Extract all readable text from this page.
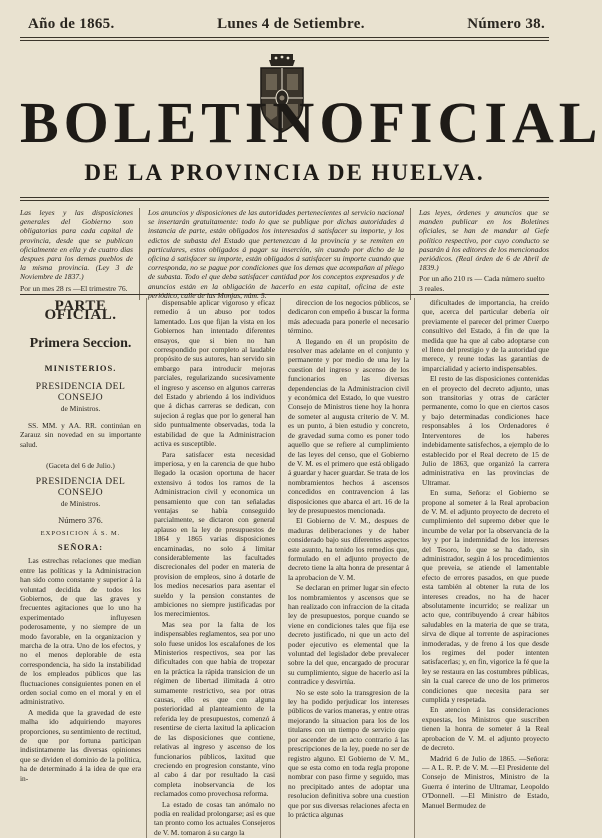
Año de 1865.	Lunes 4 de Setiembre.	Número 38.
BOLETIN OFICIAL
DE LA PROVINCIA DE HUELVA.

Las leyes y las disposiciones generales del Gobierno son obligatorias para cada capital de provincia, desde que se publican oficialmente en ella y de cuatro dias despues para los demas pueblos de la misma provincia. (Ley 3 de Noviembre de 1837.)

Por un mes 28 rs —El trimestre 76.

Los anuncios y disposiciones de las autoridades pertenecientes al servicio nacional se insertarán gratuitamente: todo lo que se publique por dichas autoridades á instancia de parte, están obligados los interesados á satisfacer su importe, y los edictos de subasta del Estado que pertenezcan á la provincia y se remiten en particulares, estos obligados á pagar su inserción, sin cuando por dicho de la oficina á satisfacer su importe, están obligados á satisfacer su importe cuando que corresponda, no se pague por condiciones que los demas que acompañan al pliego de subasta. Todo el que deba satisfacer cantidad por los conceptos expresados y de anuncios están en la obligación de hacerlo en esta capital, oficina de este periódico, calle de las Monjas, núm. 5.

Las leyes, órdenes y anuncios que se manden publicar en los Boletines oficiales, se han de mandar al Gefe político respectivo, por cuyo conducto se pasarán á los editores de los mencionados periódicos. (Real órden de 6 de Abril de 1839.)

Por un año 210 rs — Cada número suelto 3 reales.
PARTE OFICIAL.
Primera Seccion.
MINISTERIOS.
PRESIDENCIA DEL CONSEJO
de Ministros.

SS. MM. y AA. RR. continúan en Zarauz sin novedad en su importante salud.

(Gaceta del 6 de Julio.)
PRESIDENCIA DEL CONSEJO
de Ministros.
Número 376.
EXPOSICION Á S. M.
SEÑORA:

Las estrechas relaciones que median entre las políticas y la Administracion han sido como constante y superior á la voluntad decidida de todos los Gobiernos, de que las graves y frecuentes agitaciones que lo uno ha experimentado influyesen poderosamente, y no siempre de un modo favorable, en la organizacion y marcha de la otra. Uno de los efectos, y no el menos deplorable de esta correspondencia, ha sido la instabilidad de los empleados públicos que las fluctuaciones consiguientes ponen en el orden social como en el moral y en el administrativo.

A medida que la gravedad de este malha ido adquiriendo mayores proporciones, su sentimiento de rectitud, de que por fortuna participan indistintamente las diversas opiniones que se dividen el dominio de la política, ha de determinado á la idea de que era in-

dispensable aplicar vigoroso y eficaz remedio á un abuso por todos lamentado. Los que fijan la vista en los Gobiernos han intentado diferentes ensayos, que si bien no han correspondido por completo al laudable propósito de sus autores, han servido sin embargo para introducir mejoras parciales, regularizando sucesivamente el ingreso y ascenso en algunos carreras del Estado y abriendo á los individuos que á dichas carreras se dedican, con sujecion á reglas que por lo general han sido puntualmente observadas, toda la estabilidad de que la Administracion activa es susceptible.

Para satisfacer esta necesidad imperiosa, y en la carencia de que hubo llegado la ocasion oportuna de hacer extensivo á todos los ramos de la Administracion civil y economica un pensamiento que con tan señaladas ventajas se había conseguido parcialmente, se dictaron con general aplauso en la ley de presupuestos de 1864 y 1865 varias disposiciones encaminadas, no solo á limitar considerablemente las facultades discrecionales del poder en materia de provision de empleos, sino á dotarle de los medios necesarios para asentar el sueldo y la pension constantes de ambiciones no siempre justificadas por los merecimientos.

Mas sea por la falta de los indispensables reglamentos, sea por uno solo fuese unidos los escalafones de los Ministerios respectivos, sea por las dificultades con que había de tropezar en la práctica la rápida transicion de un régimen de libertad ilimitada á otro sumamente restrictivo, sea por otras causas, ello es que con alguna posterioridad al planteamiento de la referida ley de presupuestos, comenzó á resentirse de cierta laxitud la aplicacion de las disposiciones que contiene, relativas al ingreso y ascenso de los funcionarios públicos, laxitud que creciendo en progresion constante, vino al cabo á dar por resultado la casi completa inobservancia de los reclamados como provechosa reforma.

La estado de cosas tan anómalo no podía en realidad prolongarse; así es que tan pronto como los actuales Consejeros de V. M. tomaron á su cargo la

direccion de los negocios públicos, se dedicaron con empeño á buscar la forma más adecuada para ponerle el necesario término.

A llegando en él un propósito de resolver mas adelante en el conjunto y permanente y por medio de una ley la cuestion del ingreso y ascenso de los funcionarios en las diversas dependencias de la Administracion civil y económica del Estado, lo que vuestro Consejo de Ministros tiene hoy la honra de someter al augusta criterio de V. M. es un punto, á bien estudio y concreto, de gravedad suma como es poner todo aquello que se refiere al cumplimiento de las leyes del censo, que el Gobierno de V. M. es el primero que está obligado á guardar y hacer guardar. Se trata de los nombramientos hechos á ascensos concedidos en contravencion á las disposiciones que abarca el art. 16 de la ley de presupuestos mencionada.

El Gobierno de V. M., despues de maduras deliberaciones y de haber considerado bajo sus diferentes aspectos este asunto, ha tenido los remedios que, formulado en el adjunto proyecto de decreto tiene la alta honra de presentar á la aprobacion de V. M.

Se declaran en primer lugar sin efecto los nombramientos y ascensos que se han realizado con infraccion de la citada ley de presupuestos, porque cuando se viene en condiciones tales que fija ese decreto justificado, ni que un acto del poder ejecutivo es elemental que la voluntad del legislador debe prevalecer sobre la del que, encargado de procurar su cumplimiento, sigue de hacerlo así la contradice y desvirtúa.

No se este solo la transgresion de la ley ha podido perjudicar los intereses públicos de varios maneras, y entre otras mejorando la situacion para los de los titulares con un tiempo de servicio que por ascender de un acto contrario á las prescripciones de la ley, puede no ser de registro alguno. El Gobierno de V. M., que se esta como en toda regla propone nombrar con paso firme y seguido, mas no precipitado antes de adoptar una resolucion definitiva sobre una cuestion que por sus diversas relaciones afecta en lo práctica algunas

dificultades de importancia, ha creído que, acerca del particular debería oír previamente el parecer del primer Cuerpo consultivo del Estado, á fin de que la medida que ha que al cabo adoptarse con el lleno del prestigio y de la autoridad que merece, y reune todas las garantías de imparcialidad y acierto indispensables.

El resto de las disposiciones contenidas en el proyecto del decreto adjunto, unas son transitorias y otras de carácter permanente, como lo que en ciertos casos y bajo determinadas condiciones hace responsables á los Ordenadores é Interventores de los haberes indebidamente satisfechos, a ejemplo de lo establecido por el Real decreto de 15 de Julio de 1863, que organizó la carrera administrativa en las provincias de Ultramar.

En suma, Señora: el Gobierno se propone al someter á la Real aprobacion de V. M. el adjunto proyecto de decreto el cumplimiento del supremo deber que le incumbe de velar por la observancia de la ley y por la indemnidad de los intereses del Tesoro, lo que se ha dado, sin administrador, según á los procedimientos que preveia, se atiende el lamentable efecto de errores pasados, en que puede esta también al obtener la ruta de los intereses creados, no ha de hacer absolutamente incurrido; se realizar un acto que, contribuyendo á crear hábitos saludables en la materia de que se trata, sirva de dique al torrente de aspiraciones inmoderadas, y de freno á los que desde los regimes del poder intenten satisfacerlas; y, en fin, vigorice la fé que la ley se restaura en las costumbres públicas, sin la cual carece de uno de los primeros condiciones que necesita para ser cumplida y respetada.

En atencion á las consideraciones expuestas, los Ministros que suscriben tienen la honra de someter á la Real aprobacion de V. M. el adjunto proyecto de decreto.

Madrid 6 de Julio de 1865. —Señora: — A L. R. P. de V. M. —El Presidente del Consejo de Ministros, Ministro de la Guerra é interino de Ultramar, Leopoldo O'Donnell. —El Ministro de Estado, Manuel Bermudez de
